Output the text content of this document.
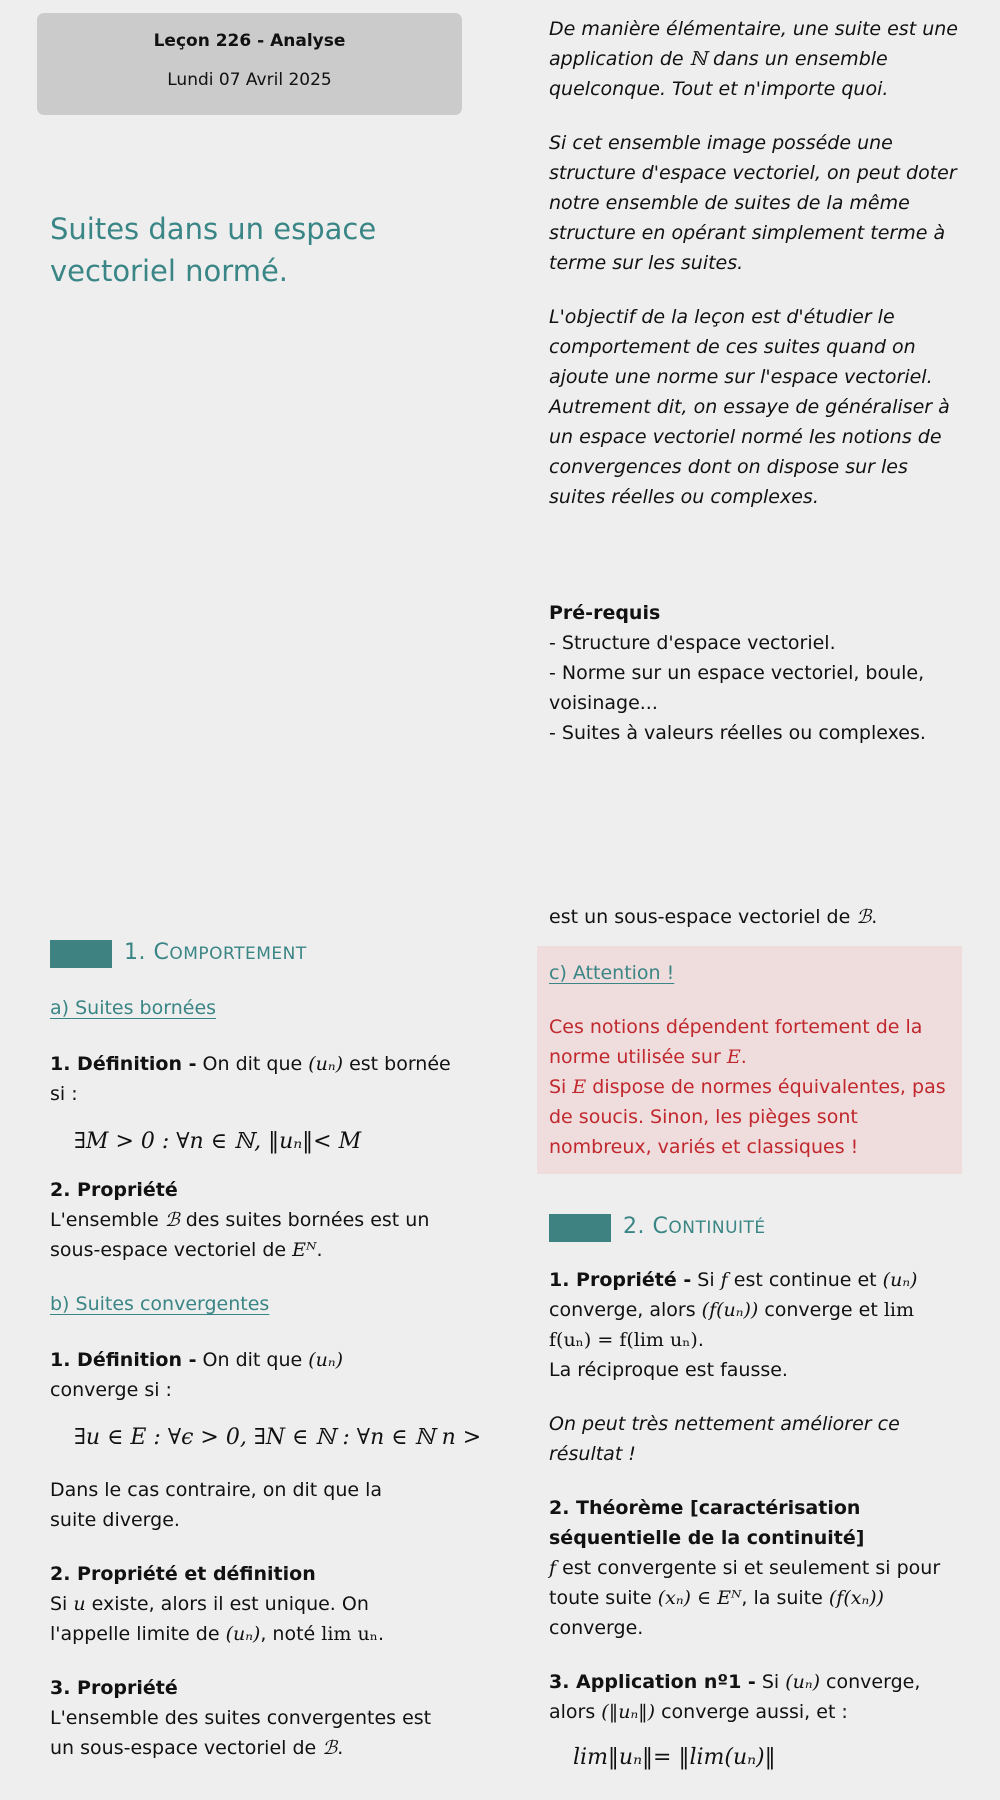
Leçon 226 - Analyse
Lundi 07 Avril 2025
Suites dans un espace vectoriel normé.

De manière élémentaire, une suite est une application de ℕ dans un ensemble quelconque. Tout et n'importe quoi.

Si cet ensemble image posséde une structure d'espace vectoriel, on peut doter notre ensemble de suites de la même structure en opérant simplement terme à terme sur les suites.

L'objectif de la leçon est d'étudier le comportement de ces suites quand on ajoute une norme sur l'espace vectoriel.

Autrement dit, on essaye de généraliser à un espace vectoriel normé les notions de convergences dont on dispose sur les suites réelles ou complexes.

Pré-requis
- Structure d'espace vectoriel.
- Norme sur un espace vectoriel, boule, voisinage...
- Suites à valeurs réelles ou complexes.
1. COMPORTEMENT
a) Suites bornées

1. Définition - On dit que (uₙ) est bornée si :

∃M > 0 : ∀n ∈ ℕ, ‖uₙ‖< M

2. Propriété
L'ensemble ℬ des suites bornées est un sous-espace vectoriel de Eᴺ.

b) Suites convergentes

1. Définition - On dit que (uₙ) converge si :

∃u ∈ E : ∀ϵ > 0, ∃N ∈ ℕ : ∀n ∈ ℕ n >

Dans le cas contraire, on dit que la suite diverge.

2. Propriété et définition
Si u existe, alors il est unique. On l'appelle limite de (uₙ), noté lim uₙ.

3. Propriété
L'ensemble des suites convergentes est un sous-espace vectoriel de ℬ.

est un sous-espace vectoriel de ℬ.
c) Attention !
Ces notions dépendent fortement de la norme utilisée sur E.
Si E dispose de normes équivalentes, pas de soucis. Sinon, les pièges sont nombreux, variés et classiques !
2. CONTINUITÉ

1. Propriété - Si f est continue et (uₙ) converge, alors (f(uₙ)) converge et lim f(uₙ) = f(lim uₙ).
La réciproque est fausse.

On peut très nettement améliorer ce résultat !

2. Théorème [caractérisation séquentielle de la continuité]
f est convergente si et seulement si pour toute suite (xₙ) ∈ Eᴺ, la suite (f(xₙ)) converge.

3. Application nº1 - Si (uₙ) converge, alors (‖uₙ‖) converge aussi, et :

lim‖uₙ‖= ‖lim(uₙ)‖
